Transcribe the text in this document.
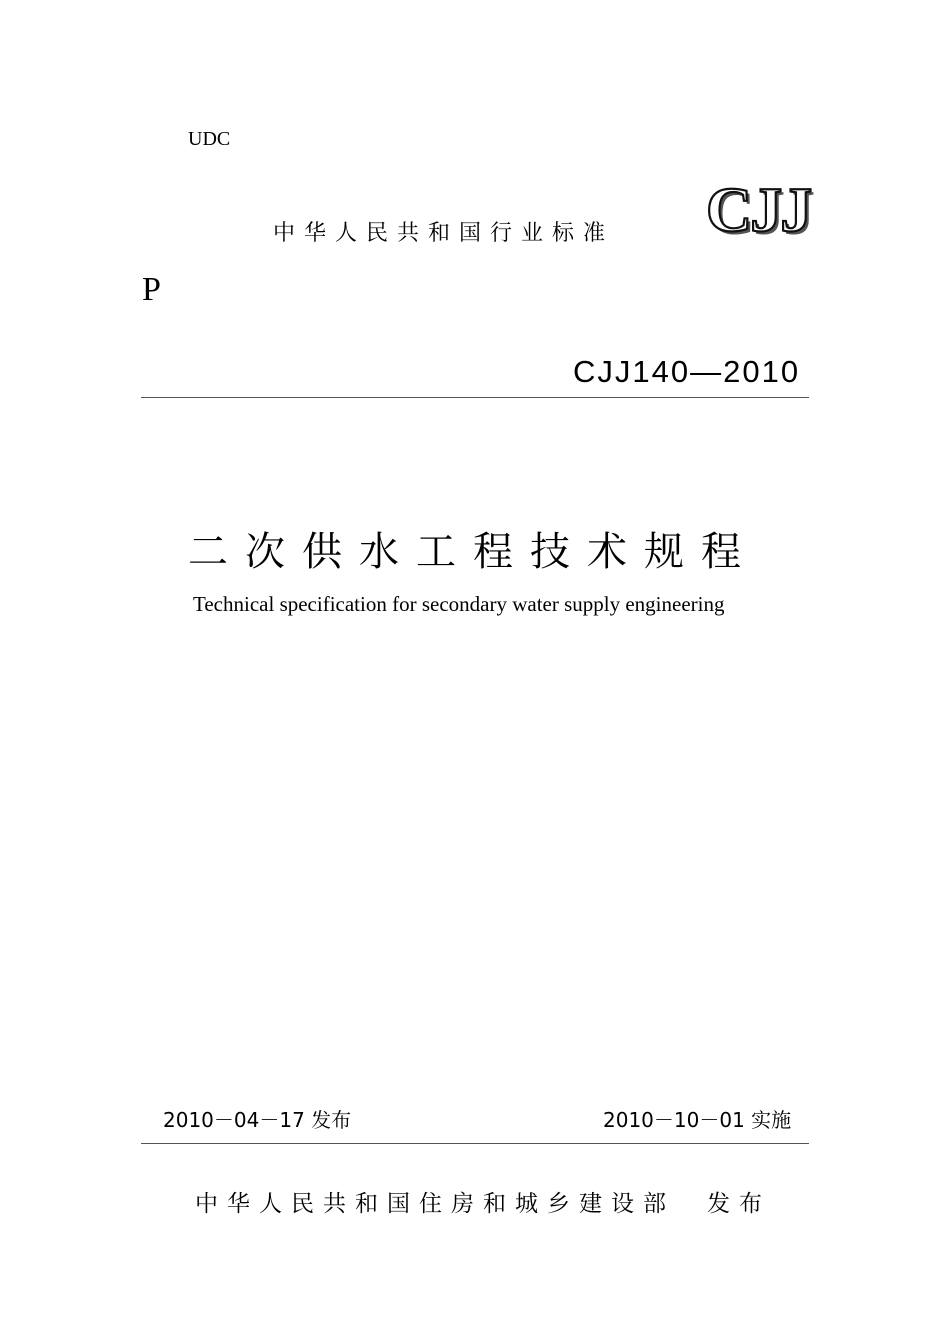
UDC
中华人民共和国行业标准 CJJ
P
CJJ140—2010
二次供水工程技术规程
Technical specification for secondary water supply engineering
2010－04－17 发布	2010－10－01 实施
中华人民共和国住房和城乡建设部　发布
